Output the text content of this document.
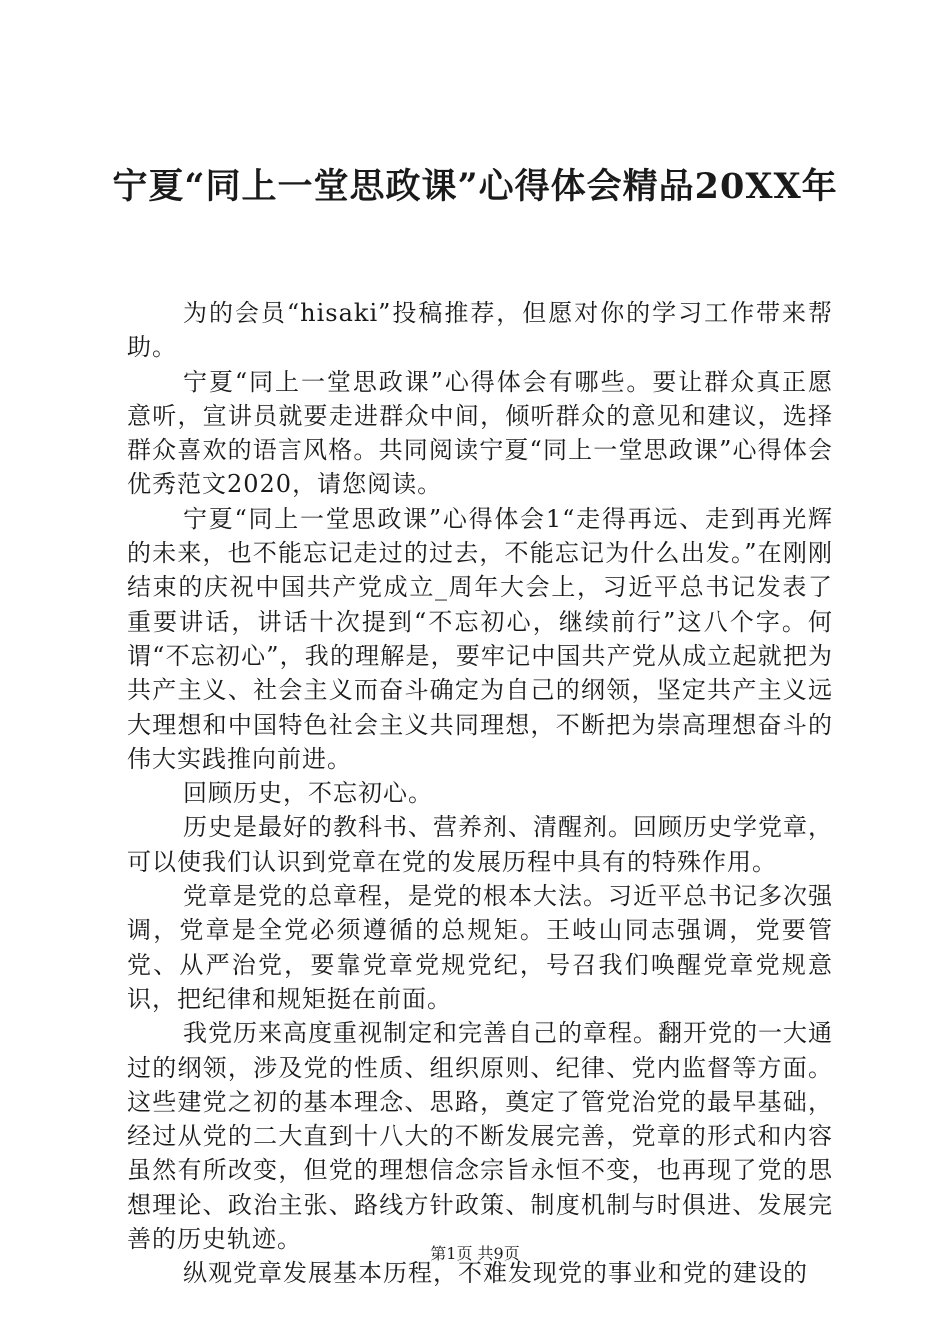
宁夏“同上一堂思政课”心得体会精品20XX年

为的会员“hisaki”投稿推荐，但愿对你的学习工作带来帮助。

宁夏“同上一堂思政课”心得体会有哪些。要让群众真正愿意听，宣讲员就要走进群众中间，倾听群众的意见和建议，选择群众喜欢的语言风格。共同阅读宁夏“同上一堂思政课”心得体会优秀范文2020，请您阅读。

宁夏“同上一堂思政课”心得体会1“走得再远、走到再光辉的未来，也不能忘记走过的过去，不能忘记为什么出发。”在刚刚结束的庆祝中国共产党成立_周年大会上，习近平总书记发表了重要讲话，讲话十次提到“不忘初心，继续前行”这八个字。何谓“不忘初心”，我的理解是，要牢记中国共产党从成立起就把为共产主义、社会主义而奋斗确定为自己的纲领，坚定共产主义远大理想和中国特色社会主义共同理想，不断把为崇高理想奋斗的伟大实践推向前进。

回顾历史，不忘初心。

历史是最好的教科书、营养剂、清醒剂。回顾历史学党章，可以使我们认识到党章在党的发展历程中具有的特殊作用。

党章是党的总章程，是党的根本大法。习近平总书记多次强调，党章是全党必须遵循的总规矩。王岐山同志强调，党要管党、从严治党，要靠党章党规党纪，号召我们唤醒党章党规意识，把纪律和规矩挺在前面。

我党历来高度重视制定和完善自己的章程。翻开党的一大通过的纲领，涉及党的性质、组织原则、纪律、党内监督等方面。这些建党之初的基本理念、思路，奠定了管党治党的最早基础，经过从党的二大直到十八大的不断发展完善，党章的形式和内容虽然有所改变，但党的理想信念宗旨永恒不变，也再现了党的思想理论、政治主张、路线方针政策、制度机制与时俱进、发展完善的历史轨迹。

纵观党章发展基本历程，不难发现党的事业和党的建设的

第1页 共9页
